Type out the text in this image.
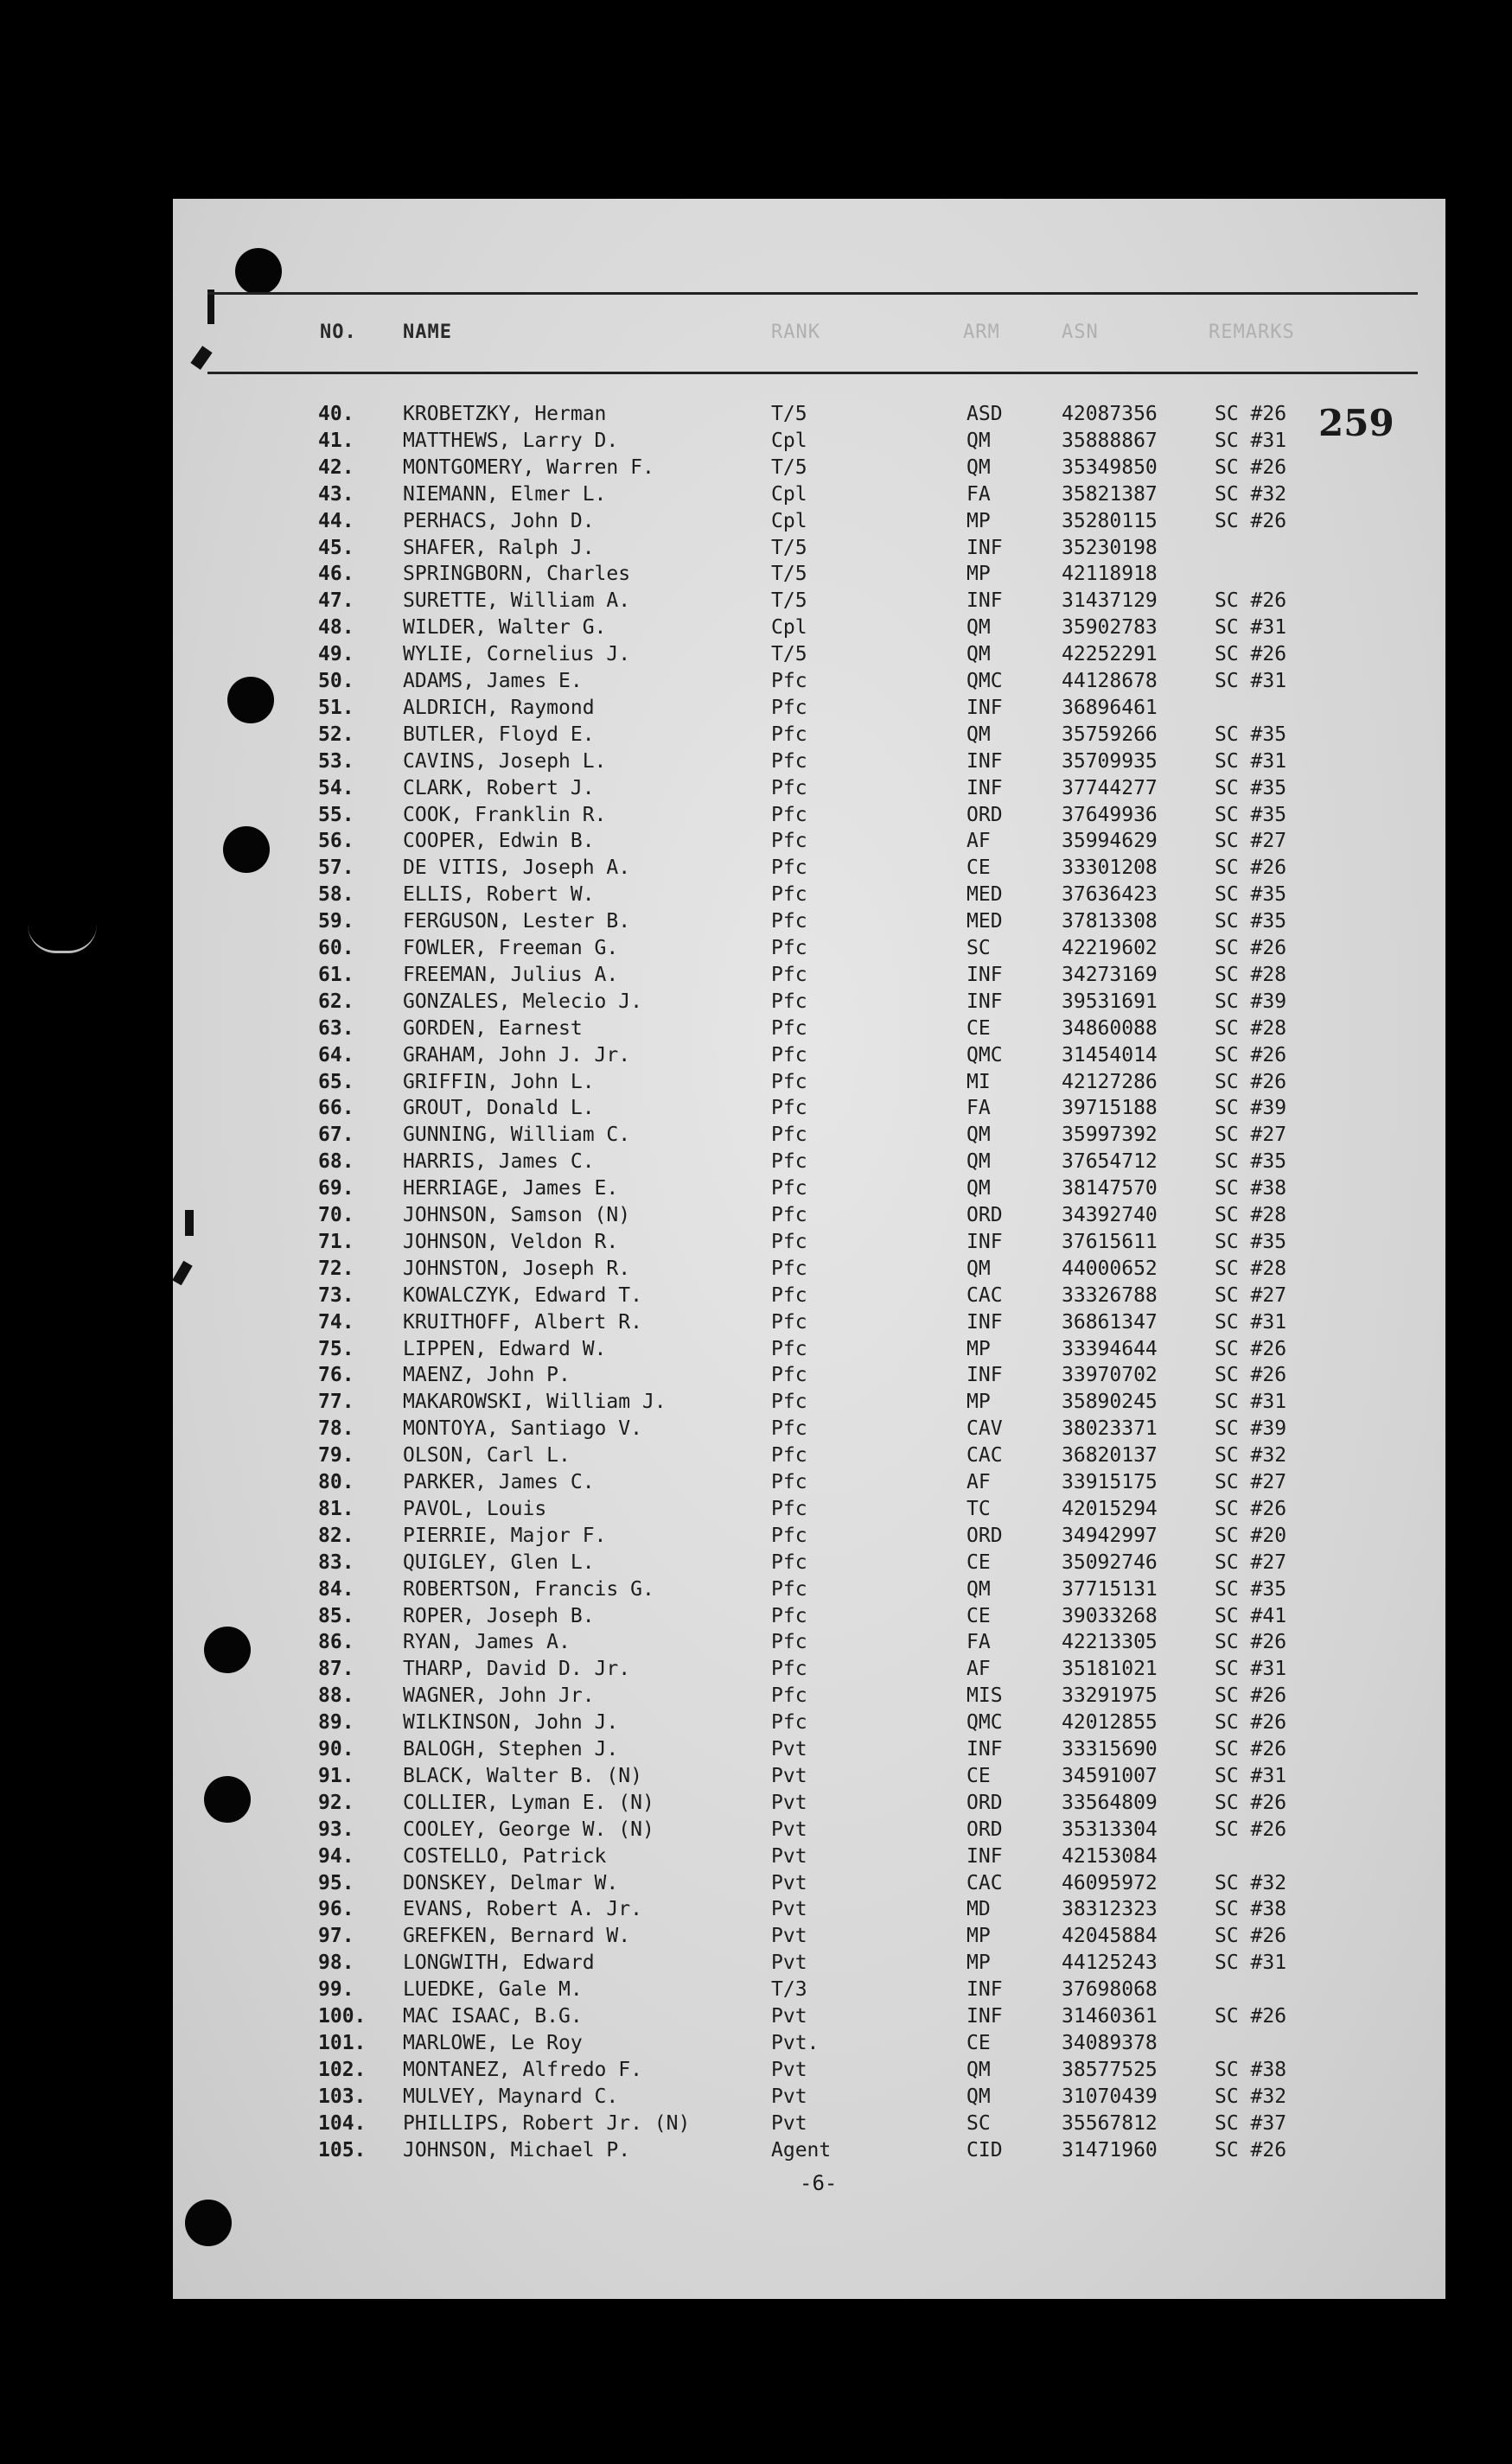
NO. NAME	RANK	ARM	ASN	REMARKS
259
40. KROBETZKY, Herman	T/5	ASD	42087356	SC #26
41. MATTHEWS, Larry D.	Cpl	QM	35888867	SC #31
42. MONTGOMERY, Warren F.	T/5	QM	35349850	SC #26
43. NIEMANN, Elmer L.	Cpl	FA	35821387	SC #32
44. PERHACS, John D.	Cpl	MP	35280115	SC #26
45. SHAFER, Ralph J.	T/5	INF	35230198
46. SPRINGBORN, Charles	T/5	MP	42118918
47. SURETTE, William A.	T/5	INF	31437129	SC #26
48. WILDER, Walter G.	Cpl	QM	35902783	SC #31
49. WYLIE, Cornelius J.	T/5	QM	42252291	SC #26
50. ADAMS, James E.	Pfc	QMC	44128678	SC #31
51. ALDRICH, Raymond	Pfc	INF	36896461
52. BUTLER, Floyd E.	Pfc	QM	35759266	SC #35
53. CAVINS, Joseph L.	Pfc	INF	35709935	SC #31
54. CLARK, Robert J.	Pfc	INF	37744277	SC #35
55. COOK, Franklin R.	Pfc	ORD	37649936	SC #35
56. COOPER, Edwin B.	Pfc	AF	35994629	SC #27
57. DE VITIS, Joseph A.	Pfc	CE	33301208	SC #26
58. ELLIS, Robert W.	Pfc	MED	37636423	SC #35
59. FERGUSON, Lester B.	Pfc	MED	37813308	SC #35
60. FOWLER, Freeman G.	Pfc	SC	42219602	SC #26
61. FREEMAN, Julius A.	Pfc	INF	34273169	SC #28
62. GONZALES, Melecio J.	Pfc	INF	39531691	SC #39
63. GORDEN, Earnest	Pfc	CE	34860088	SC #28
64. GRAHAM, John J. Jr.	Pfc	QMC	31454014	SC #26
65. GRIFFIN, John L.	Pfc	MI	42127286	SC #26
66. GROUT, Donald L.	Pfc	FA	39715188	SC #39
67. GUNNING, William C.	Pfc	QM	35997392	SC #27
68. HARRIS, James C.	Pfc	QM	37654712	SC #35
69. HERRIAGE, James E.	Pfc	QM	38147570	SC #38
70. JOHNSON, Samson (N)	Pfc	ORD	34392740	SC #28
71. JOHNSON, Veldon R.	Pfc	INF	37615611	SC #35
72. JOHNSTON, Joseph R.	Pfc	QM	44000652	SC #28
73. KOWALCZYK, Edward T.	Pfc	CAC	33326788	SC #27
74. KRUITHOFF, Albert R.	Pfc	INF	36861347	SC #31
75. LIPPEN, Edward W.	Pfc	MP	33394644	SC #26
76. MAENZ, John P.	Pfc	INF	33970702	SC #26
77. MAKAROWSKI, William J.	Pfc	MP	35890245	SC #31
78. MONTOYA, Santiago V.	Pfc	CAV	38023371	SC #39
79. OLSON, Carl L.	Pfc	CAC	36820137	SC #32
80. PARKER, James C.	Pfc	AF	33915175	SC #27
81. PAVOL, Louis	Pfc	TC	42015294	SC #26
82. PIERRIE, Major F.	Pfc	ORD	34942997	SC #20
83. QUIGLEY, Glen L.	Pfc	CE	35092746	SC #27
84. ROBERTSON, Francis G.	Pfc	QM	37715131	SC #35
85. ROPER, Joseph B.	Pfc	CE	39033268	SC #41
86. RYAN, James A.	Pfc	FA	42213305	SC #26
87. THARP, David D. Jr.	Pfc	AF	35181021	SC #31
88. WAGNER, John Jr.	Pfc	MIS	33291975	SC #26
89. WILKINSON, John J.	Pfc	QMC	42012855	SC #26
90. BALOGH, Stephen J.	Pvt	INF	33315690	SC #26
91. BLACK, Walter B. (N)	Pvt	CE	34591007	SC #31
92. COLLIER, Lyman E. (N)	Pvt	ORD	33564809	SC #26
93. COOLEY, George W. (N)	Pvt	ORD	35313304	SC #26
94. COSTELLO, Patrick	Pvt	INF	42153084
95. DONSKEY, Delmar W.	Pvt	CAC	46095972	SC #32
96. EVANS, Robert A. Jr.	Pvt	MD	38312323	SC #38
97. GREFKEN, Bernard W.	Pvt	MP	42045884	SC #26
98. LONGWITH, Edward	Pvt	MP	44125243	SC #31
99. LUEDKE, Gale M.	T/3	INF	37698068
100. MAC ISAAC, B.G.	Pvt	INF	31460361	SC #26
101. MARLOWE, Le Roy	Pvt.	CE	34089378
102. MONTANEZ, Alfredo F.	Pvt	QM	38577525	SC #38
103. MULVEY, Maynard C.	Pvt	QM	31070439	SC #32
104. PHILLIPS, Robert Jr. (N)	Pvt	SC	35567812	SC #37
105. JOHNSON, Michael P.	Agent	CID	31471960	SC #26
-6-
